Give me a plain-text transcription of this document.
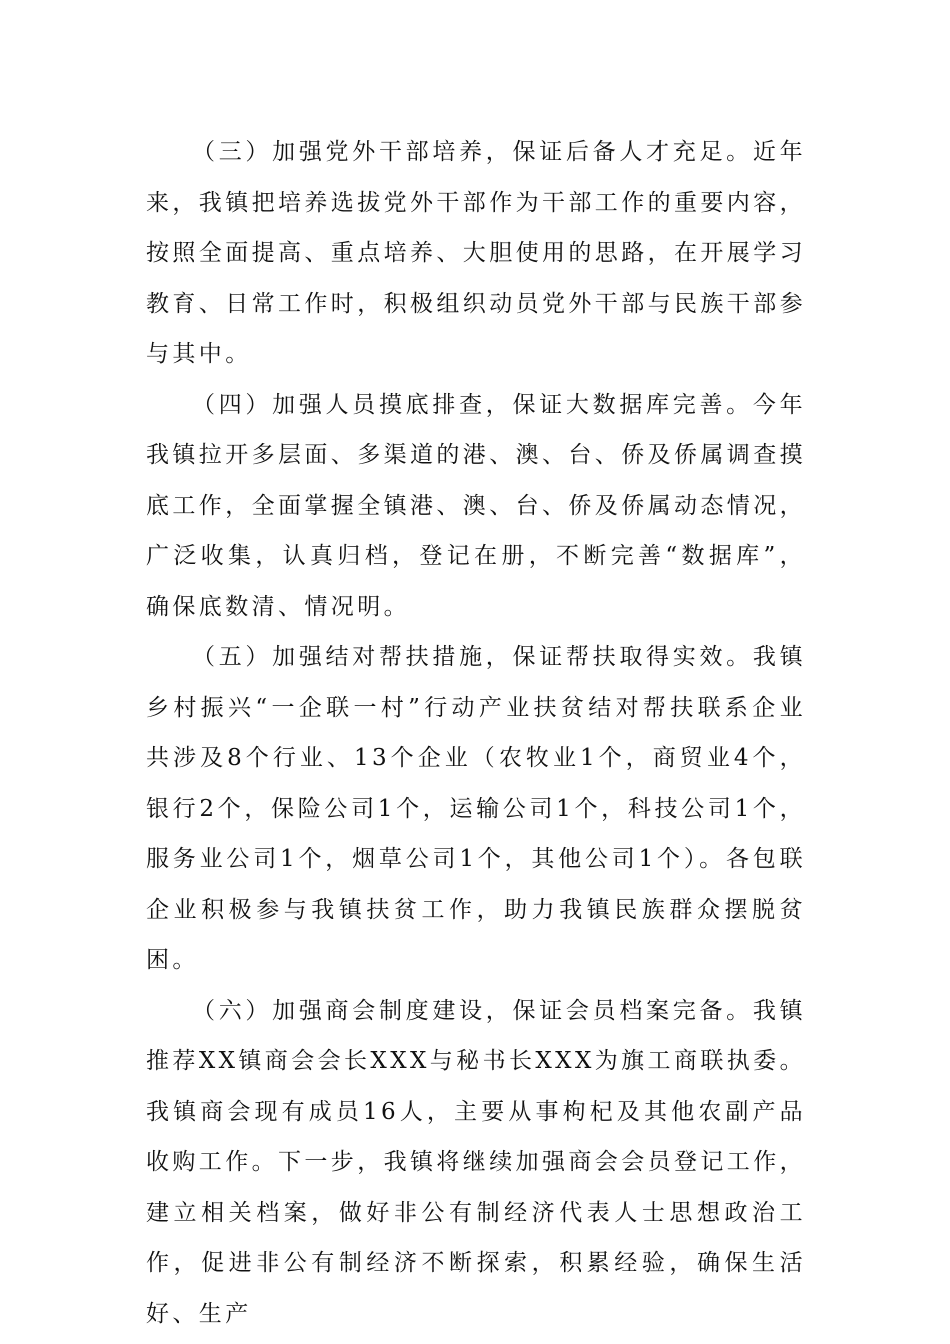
（三）加强党外干部培养，保证后备人才充足。近年来，我镇把培养选拔党外干部作为干部工作的重要内容，按照全面提高、重点培养、大胆使用的思路，在开展学习教育、日常工作时，积极组织动员党外干部与民族干部参与其中。

（四）加强人员摸底排查，保证大数据库完善。今年我镇拉开多层面、多渠道的港、澳、台、侨及侨属调查摸底工作，全面掌握全镇港、澳、台、侨及侨属动态情况，广泛收集，认真归档，登记在册，不断完善“数据库”，确保底数清、情况明。

（五）加强结对帮扶措施，保证帮扶取得实效。我镇乡村振兴“一企联一村”行动产业扶贫结对帮扶联系企业共涉及8个行业、13个企业（农牧业1个，商贸业4个，银行2个，保险公司1个，运输公司1个，科技公司1个，服务业公司1个，烟草公司1个，其他公司1个）。各包联企业积极参与我镇扶贫工作，助力我镇民族群众摆脱贫困。

（六）加强商会制度建设，保证会员档案完备。我镇推荐XX镇商会会长XXX与秘书长XXX为旗工商联执委。我镇商会现有成员16人，主要从事枸杞及其他农副产品收购工作。下一步，我镇将继续加强商会会员登记工作，建立相关档案，做好非公有制经济代表人士思想政治工作，促进非公有制经济不断探索，积累经验，确保生活好、生产
